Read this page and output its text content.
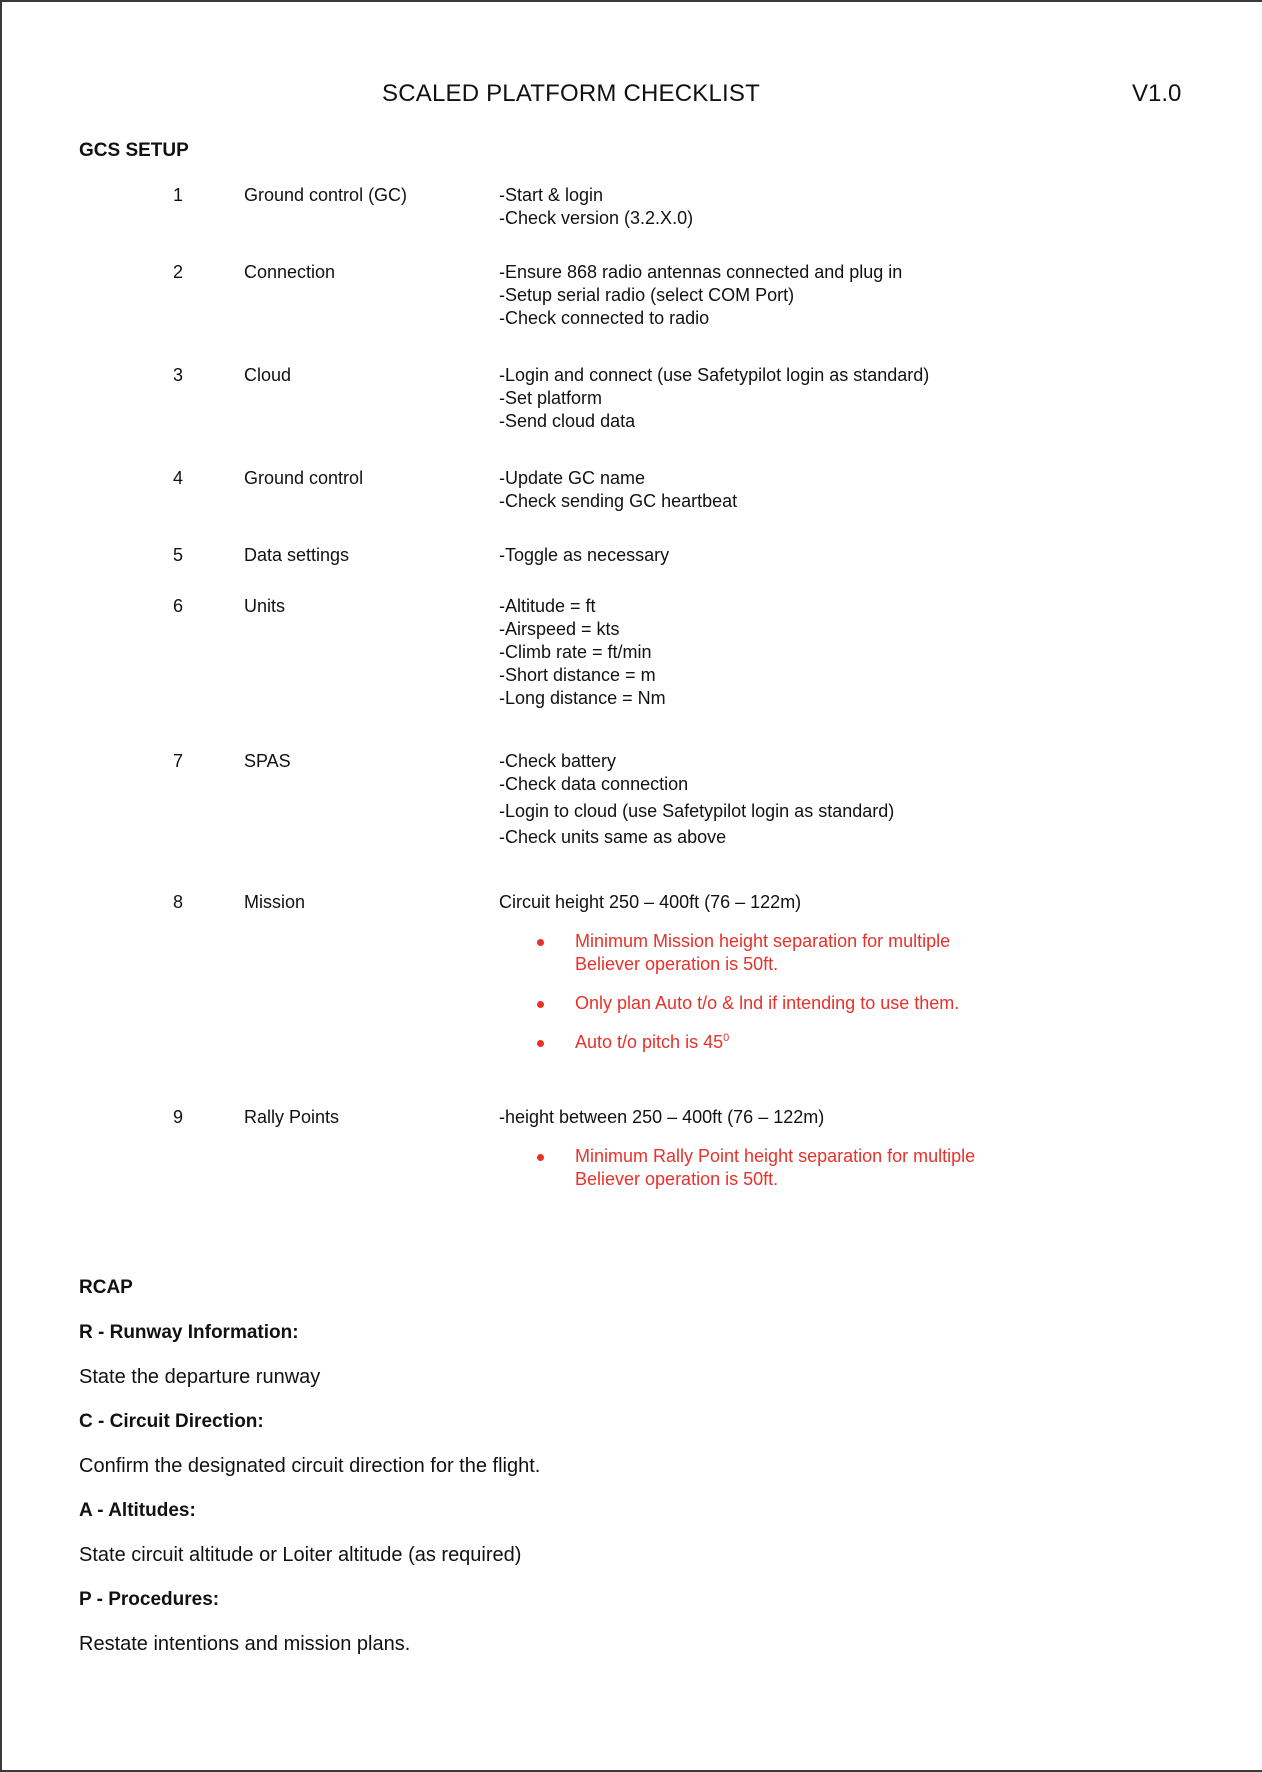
SCALED PLATFORM CHECKLIST	V1.0
GCS SETUP
1	Ground control (GC)	-Start & login
-Check version (3.2.X.0)
2	Connection	-Ensure 868 radio antennas connected and plug in
-Setup serial radio (select COM Port)
-Check connected to radio
3	Cloud	-Login and connect (use Safetypilot login as standard)
-Set platform
-Send cloud data
4	Ground control	-Update GC name
-Check sending GC heartbeat
5	Data settings	-Toggle as necessary
6	Units	-Altitude = ft
-Airspeed = kts
-Climb rate = ft/min
-Short distance = m
-Long distance = Nm
7	SPAS	-Check battery
-Check data connection
-Login to cloud (use Safetypilot login as standard)
-Check units same as above
8	Mission	Circuit height 250 – 400ft (76 – 122m)
Minimum Mission height separation for multiple Believer operation is 50ft.
Only plan Auto t/o & lnd if intending to use them.
Auto t/o pitch is $45^0$
9	Rally Points	-height between 250 – 400ft (76 – 122m)
Minimum Rally Point height separation for multiple Believer operation is 50ft.
RCAP
R - Runway Information:
State the departure runway
C - Circuit Direction:
Confirm the designated circuit direction for the flight.
A - Altitudes:
State circuit altitude or Loiter altitude (as required)
P - Procedures:
Restate intentions and mission plans.
